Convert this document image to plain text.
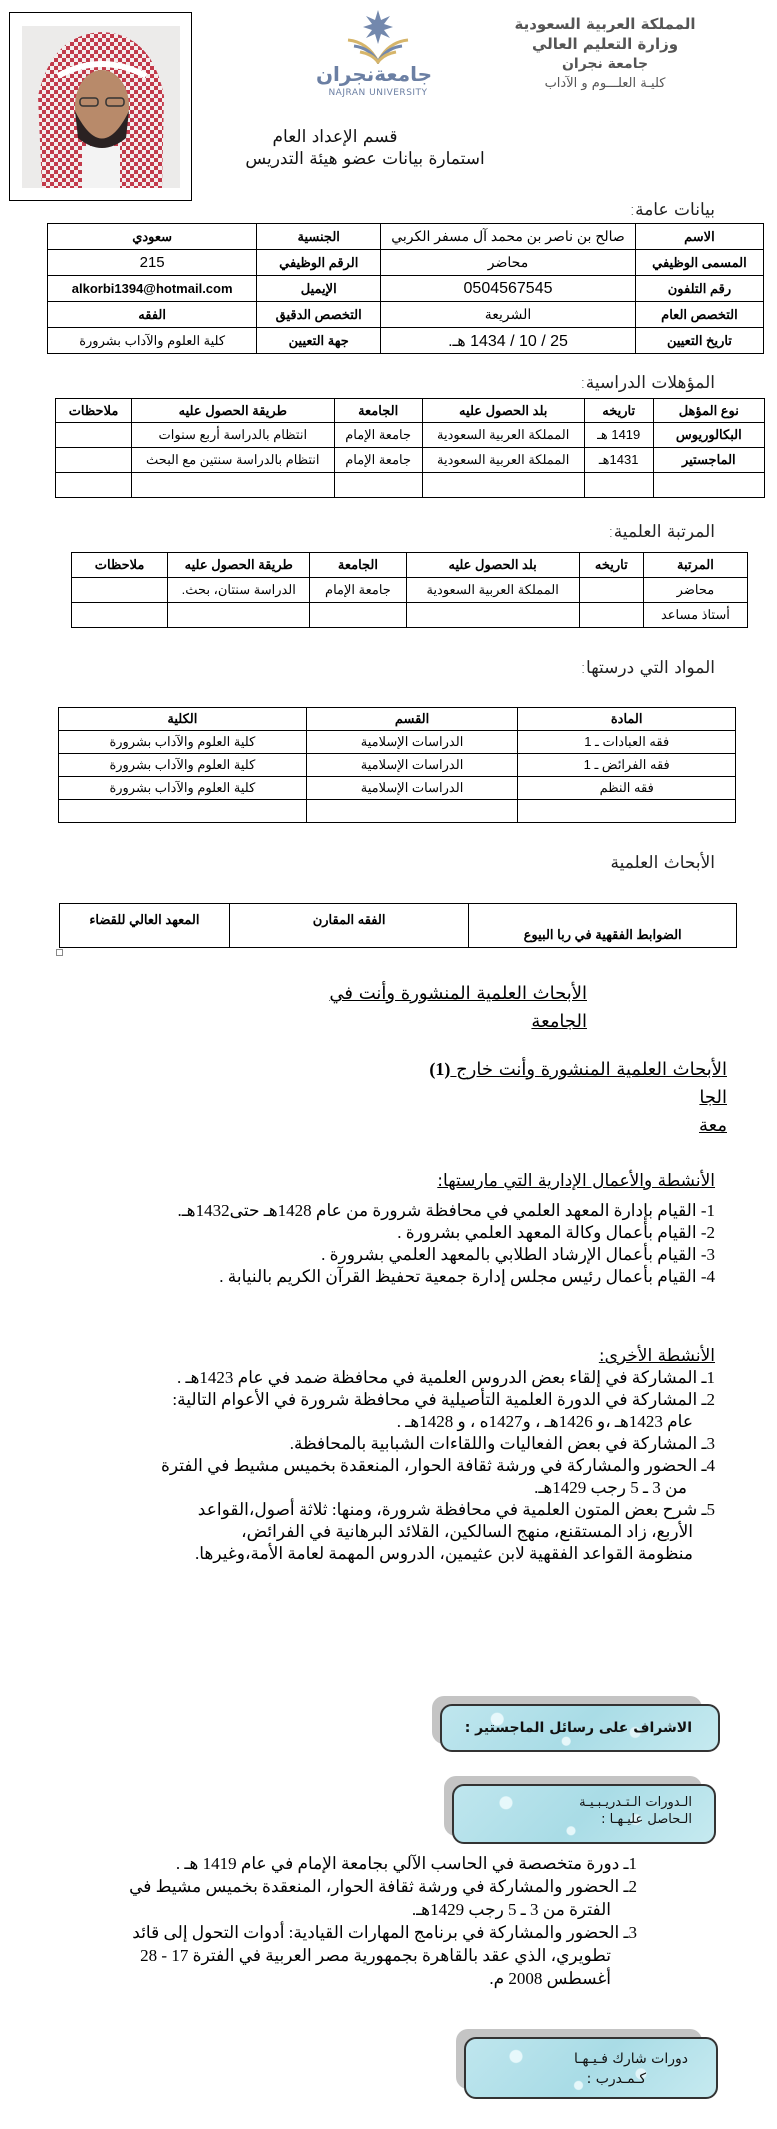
جامعةنجران
NAJRAN UNIVERSITY
المملكة العربية السعودية
وزارة التعليم العالي
جامعة نجران
كليـة العلـــوم و الآداب
قسم الإعداد العام
استمارة بيانات عضو هيئة التدريس
بيانات عامة:
الاسم	صالح بن ناصر بن محمد آل مسفر الكربي	الجنسية	سعودي
المسمى الوظيفي	محاضر	الرقم الوظيفي	215
رقم التلفون	0504567545	الإيميل	alkorbi1394@hotmail.com
التخصص العام	الشريعة	التخصص الدقيق	الفقه
تاريخ التعيين	25 / 10 / 1434 هـ.	جهة التعيين	كلية العلوم والآداب بشرورة
المؤهلات الدراسية:
نوع المؤهل	تاريخه	بلد الحصول عليه	الجامعة	طريقة الحصول عليه	ملاحظات
البكالوريوس	1419 هـ	المملكة العربية السعودية	جامعة الإمام	انتظام بالدراسة أربع سنوات	
الماجستير	1431هـ	المملكة العربية السعودية	جامعة الإمام	انتظام بالدراسة سنتين مع البحث	

المرتبة العلمية:
المرتبة	تاريخه	بلد الحصول عليه	الجامعة	طريقة الحصول عليه	ملاحظات
محاضر		المملكة العربية السعودية	جامعة الإمام	الدراسة سنتان، بحث.	
أستاذ مساعد					
المواد التي درستها:
المادة	القسم	الكلية
فقه العبادات ـ 1	الدراسات الإسلامية	كلية العلوم والآداب بشرورة
فقه الفرائض ـ 1	الدراسات الإسلامية	كلية العلوم والآداب بشرورة
فقه النظم	الدراسات الإسلامية	كلية العلوم والآداب بشرورة

الأبحاث العلمية
الضوابط الفقهية في ربا البيوع	الفقه المقارن	المعهد العالي للقضاء
الأبحاث العلمية المنشورة وأنت في
الجامعة
الأبحاث العلمية المنشورة وأنت خارج (1)
الجا
معة
الأنشطة والأعمال الإدارية التي مارستها:
1- القيام بإدارة المعهد العلمي في محافظة شرورة من عام 1428هـ حتى1432هـ.
2- القيام بأعمال وكالة المعهد العلمي بشرورة .
3- القيام بأعمال الإرشاد الطلابي بالمعهد العلمي بشرورة .
4- القيام بأعمال رئيس مجلس إدارة جمعية تحفيظ القرآن الكريم بالنيابة .
الأنشطة الأخرى:
1ـ المشاركة في إلقاء بعض الدروس العلمية في محافظة ضمد في عام 1423هـ .
2ـ المشاركة في الدورة العلمية التأصيلية في محافظة شرورة في الأعوام التالية:
عام 1423هـ ،و 1426هـ ، و1427ه ، و 1428هـ .
3ـ المشاركة في بعض الفعاليات واللقاءات الشبابية بالمحافظة.
4ـ الحضور والمشاركة في ورشة ثقافة الحوار، المنعقدة بخميس مشيط في الفترة
من 3 ـ 5 رجب 1429هـ.
5ـ شرح بعض المتون العلمية في محافظة شرورة، ومنها: ثلاثة أصول،القواعد
الأربع، زاد المستقنع، منهج السالكين، القلائد البرهانية في الفرائض،
منظومة القواعد الفقهية لابن عثيمين، الدروس المهمة لعامة الأمة،وغيرها.
الاشراف على رسائل الماجستير :
الـدورات الـتـدريـبـيـة
الـحاصل عليـهـا :
1ـ دورة متخصصة في الحاسب الآلي بجامعة الإمام في عام 1419 هـ .
2ـ الحضور والمشاركة في ورشة ثقافة الحوار، المنعقدة بخميس مشيط في
الفترة من 3 ـ 5 رجب 1429هـ.
3ـ الحضور والمشاركة في برنامج المهارات القيادية: أدوات التحول إلى قائد
تطويري، الذي عقد بالقاهرة بجمهورية مصر العربية في الفترة 17 - 28
أغسطس 2008 م.
دورات شارك فـيـهـا
كـمـدرب :
